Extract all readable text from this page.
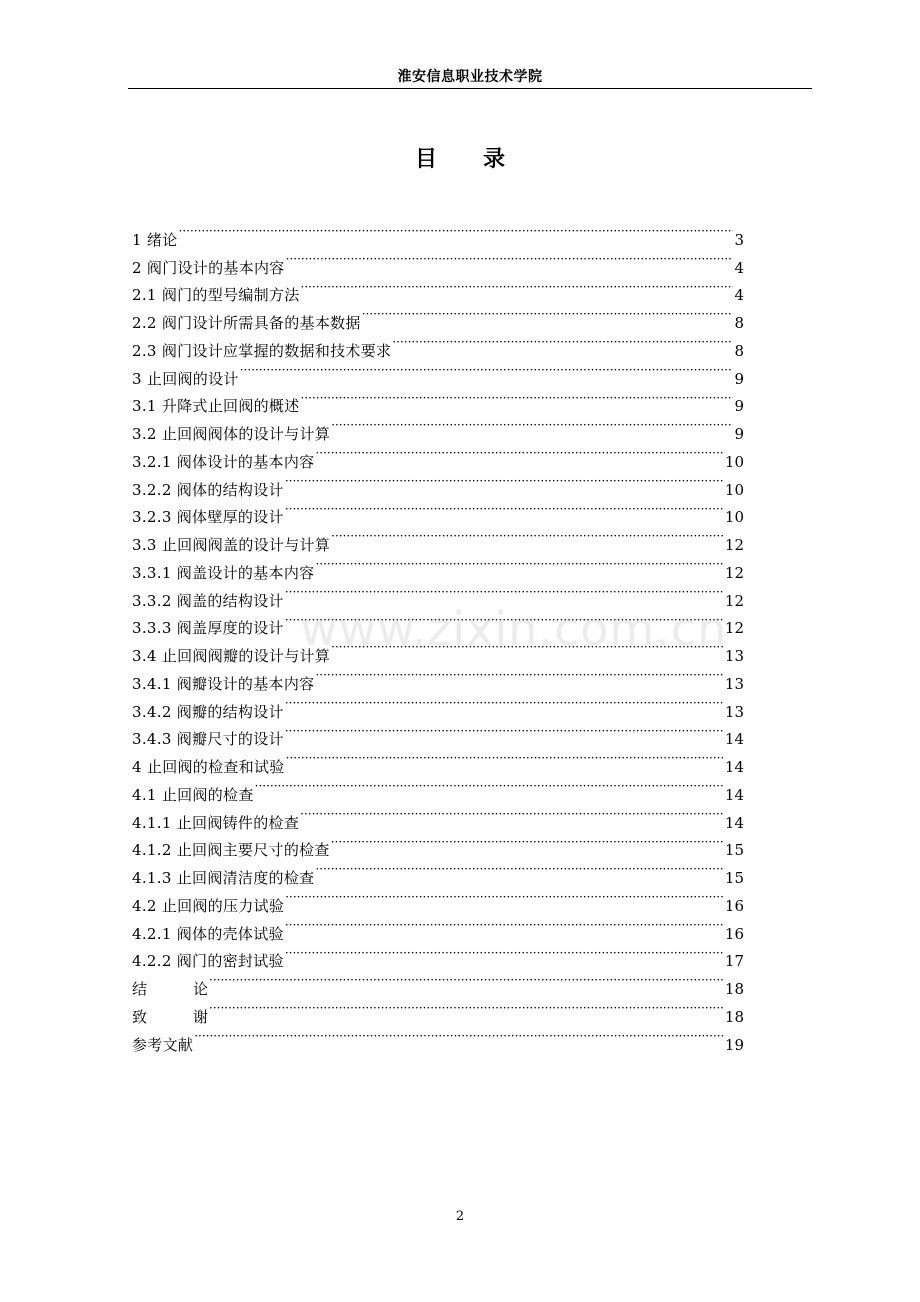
淮安信息职业技术学院
目录
1 绪论 ·····	3
2 阀门设计的基本内容 ·····	4
2.1 阀门的型号编制方法 ·····	4
2.2 阀门设计所需具备的基本数据 ·····	8
2.3 阀门设计应掌握的数据和技术要求 ·····	8
3 止回阀的设计 ·····	9
3.1 升降式止回阀的概述 ·····	9
3.2 止回阀阀体的设计与计算 ·····	9
3.2.1 阀体设计的基本内容 ·····	10
3.2.2 阀体的结构设计 ·····	10
3.2.3 阀体壁厚的设计 ·····	10
3.3 止回阀阀盖的设计与计算 ·····	12
3.3.1 阀盖设计的基本内容 ·····	12
3.3.2 阀盖的结构设计 ·····	12
3.3.3 阀盖厚度的设计 ·····	12
3.4 止回阀阀瓣的设计与计算 ·····	13
3.4.1 阀瓣设计的基本内容 ·····	13
3.4.2 阀瓣的结构设计 ·····	13
3.4.3 阀瓣尺寸的设计 ·····	14
4 止回阀的检查和试验 ·····	14
4.1 止回阀的检查 ·····	14
4.1.1 止回阀铸件的检查 ·····	14
4.1.2 止回阀主要尺寸的检查 ·····	15
4.1.3 止回阀清洁度的检查 ·····	15
4.2 止回阀的压力试验 ·····	16
4.2.1 阀体的壳体试验 ·····	16
4.2.2 阀门的密封试验 ·····	17
结论 ·····	18
致谢 ·····	18
参考文献 ·····	19
www.zixin.com.cn
2
